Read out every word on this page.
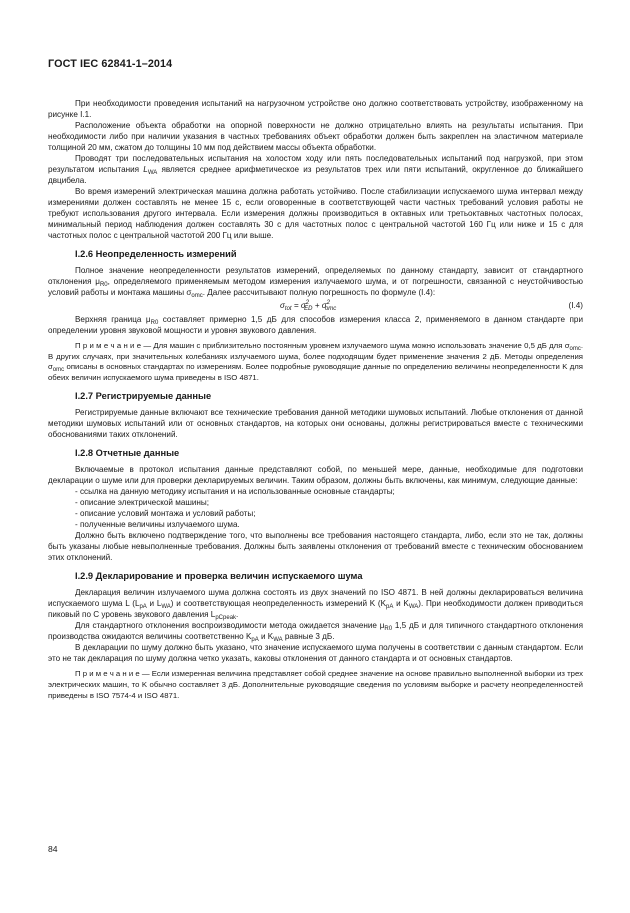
ГОСТ IEC 62841-1–2014

При необходимости проведения испытаний на нагрузочном устройстве оно должно соответствовать устройству, изображенному на рисунке I.1.

Расположение объекта обработки на опорной поверхности не должно отрицательно влиять на результаты испытания. При необходимости либо при наличии указания в частных требованиях объект обработки должен быть закреплен на эластичном материале толщиной 20 мм, сжатом до толщины 10 мм под действием массы объекта обработки.

Проводят три последовательных испытания на холостом ходу или пять последовательных испытаний под нагрузкой, при этом результатом испытания $L_{WA}$ является среднее арифметическое из результатов трех или пяти испытаний, округленное до ближайшего двцибела.

Во время измерений электрическая машина должна работать устойчиво. После стабилизации испускаемого шума интервал между измерениями должен составлять не менее 15 с, если оговоренные в соответствующей части частных требований условия работы не требуют использования другого интервала. Если измерения должны производиться в октавных или третьоктавных частотных полосах, минимальный период наблюдения должен составлять 30 с для частотных полос с центральной частотой 160 Гц или ниже и 15 с для частотных полос с центральной частотой 200 Гц или выше.

I.2.6 Неопределенность измерений

Полное значение неопределенности результатов измерений, определяемых по данному стандарту, зависит от стандартного отклонения $\mu_{R0}$, определяемого применяемым методом измерения излучаемого шума, и от погрешности, связанной с неустойчивостью условий работы и монтажа машины $\sigma_{omc}$. Далее рассчитывают полную погрешность по формуле (I.4):

$\sigma_{tot} = \sigma^2_{ED} + \sigma^2_{omc}$	(I.4)

Верхняя граница $\mu_{R0}$ составляет примерно 1,5 дБ для способов измерения класса 2, применяемого в данном стандарте при определении уровня звуковой мощности и уровня звукового давления.

П р и м е ч а н и е — Для машин с приблизительно постоянным уровнем излучаемого шума можно использовать значение 0,5 дБ для $\sigma_{omc}$. В других случаях, при значительных колебаниях излучаемого шума, более подходящим будет применение значения 2 дБ. Методы определения $\sigma_{omc}$ описаны в основных стандартах по измерениям. Более подробные руководящие данные по определению величины неопределенности K для обеих величин испускаемого шума приведены в ISO 4871.

I.2.7 Регистрируемые данные

Регистрируемые данные включают все технические требования данной методики шумовых испытаний. Любые отклонения от данной методики шумовых испытаний или от основных стандартов, на которых они основаны, должны регистрироваться вместе с техническими обоснованиями таких отклонений.

I.2.8 Отчетные данные

Включаемые в протокол испытания данные представляют собой, по меньшей мере, данные, необходимые для подготовки декларации о шуме или для проверки декларируемых величин. Таким образом, должны быть включены, как минимум, следующие данные:

- ссылка на данную методику испытания и на использованные основные стандарты;

- описание электрической машины;

- описание условий монтажа и условий работы;

- полученные величины излучаемого шума.

Должно быть включено подтверждение того, что выполнены все требования настоящего стандарта, либо, если это не так, должны быть указаны любые невыполненные требования. Должны быть заявлены отклонения от требований вместе с техническим обоснованием этих отклонений.

I.2.9 Декларирование и проверка величин испускаемого шума

Декларация величин излучаемого шума должна состоять из двух значений по ISO 4871. В ней должны декларироваться величина испускаемого шума L ($L_{pA}$ и $L_{WA}$) и соответствующая неопределенность измерений K ($K_{pA}$ и $K_{WA}$). При необходимости должен приводиться пиковый по C уровень звукового давления $L_{pCpeak}$.

Для стандартного отклонения воспроизводимости метода ожидается значение $\mu_{R0}$ 1,5 дБ и для типичного стандартного отклонения производства ожидаются величины соответственно $K_{pA}$ и $K_{WA}$ равные 3 дБ.

В декларации по шуму должно быть указано, что значение испускаемого шума получены в соответствии с данным стандартом. Если это не так декларация по шуму должна четко указать, каковы отклонения от данного стандарта и от основных стандартов.

П р и м е ч а н и е — Если измеренная величина представляет собой среднее значение на основе правильно выполненной выборки из трех электрических машин, то K обычно составляет 3 дБ. Дополнительные руководящие сведения по условиям выборке и расчету неопределенностей приведены в ISO 7574-4 и ISO 4871.

84
